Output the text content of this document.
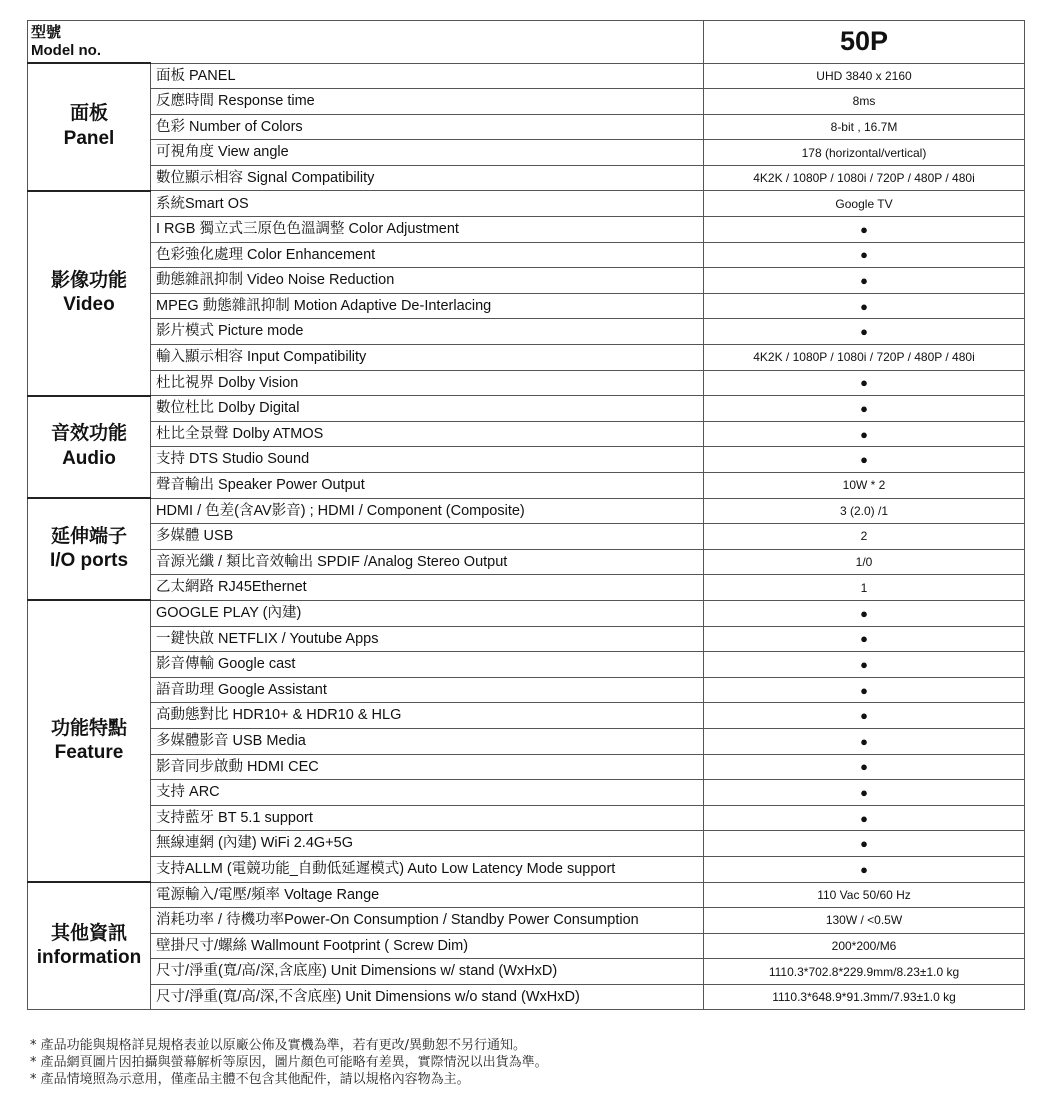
型號
Model no.		50P

面板
Panel	面板 PANEL	UHD 3840 x 2160
	反應時間 Response time	8ms
	色彩 Number of Colors	8-bit , 16.7M
	可視角度 View angle	178 (horizontal/vertical)
	數位顯示相容 Signal Compatibility	4K2K / 1080P / 1080i / 720P / 480P / 480i

影像功能
Video	系統Smart OS	Google TV
	I RGB 獨立式三原色色溫調整 Color Adjustment	●
	色彩強化處理 Color Enhancement	●
	動態雜訊抑制 Video Noise Reduction	●
	MPEG 動態雜訊抑制 Motion Adaptive De-Interlacing	●
	影片模式 Picture mode	●
	輸入顯示相容 Input Compatibility	4K2K / 1080P / 1080i / 720P / 480P / 480i
	杜比視界 Dolby Vision	●

音效功能
Audio	數位杜比 Dolby Digital	●
	杜比全景聲 Dolby ATMOS	●
	支持 DTS Studio Sound	●
	聲音輸出 Speaker Power Output	10W * 2

延伸端子
I/O ports	HDMI / 色差(含AV影音) ; HDMI / Component (Composite)	3 (2.0) /1
	多媒體 USB	2
	音源光纖 / 類比音效輸出 SPDIF /Analog Stereo Output	1/0
	乙太網路 RJ45Ethernet	1

功能特點
Feature	GOOGLE PLAY (內建)	●
	一鍵快啟 NETFLIX / Youtube Apps	●
	影音傳輸 Google cast	●
	語音助理 Google Assistant	●
	高動態對比 HDR10+ & HDR10 & HLG	●
	多媒體影音 USB Media	●
	影音同步啟動 HDMI CEC	●
	支持 ARC	●
	支持藍牙 BT 5.1 support	●
	無線連網 (內建) WiFi 2.4G+5G	●
	支持ALLM (電競功能_自動低延遲模式) Auto Low Latency Mode support	●

其他資訊
information	電源輸入/電壓/頻率 Voltage Range	110 Vac 50/60 Hz
	消耗功率 / 待機功率Power-On Consumption / Standby Power Consumption	130W / <0.5W
	壁掛尺寸/螺絲 Wallmount Footprint ( Screw Dim)	200*200/M6
	尺寸/淨重(寬/高/深,含底座) Unit Dimensions w/ stand (WxHxD)	1110.3*702.8*229.9mm/8.23±1.0 kg
	尺寸/淨重(寬/高/深,不含底座) Unit Dimensions w/o stand (WxHxD)	1110.3*648.9*91.3mm/7.93±1.0 kg
* 產品功能與規格詳見規格表並以原廠公佈及實機為準，若有更改/異動恕不另行通知。
* 產品網頁圖片因拍攝與螢幕解析等原因，圖片顏色可能略有差異，實際情況以出貨為準。
* 產品情境照為示意用，僅產品主體不包含其他配件，請以規格內容物為主。
